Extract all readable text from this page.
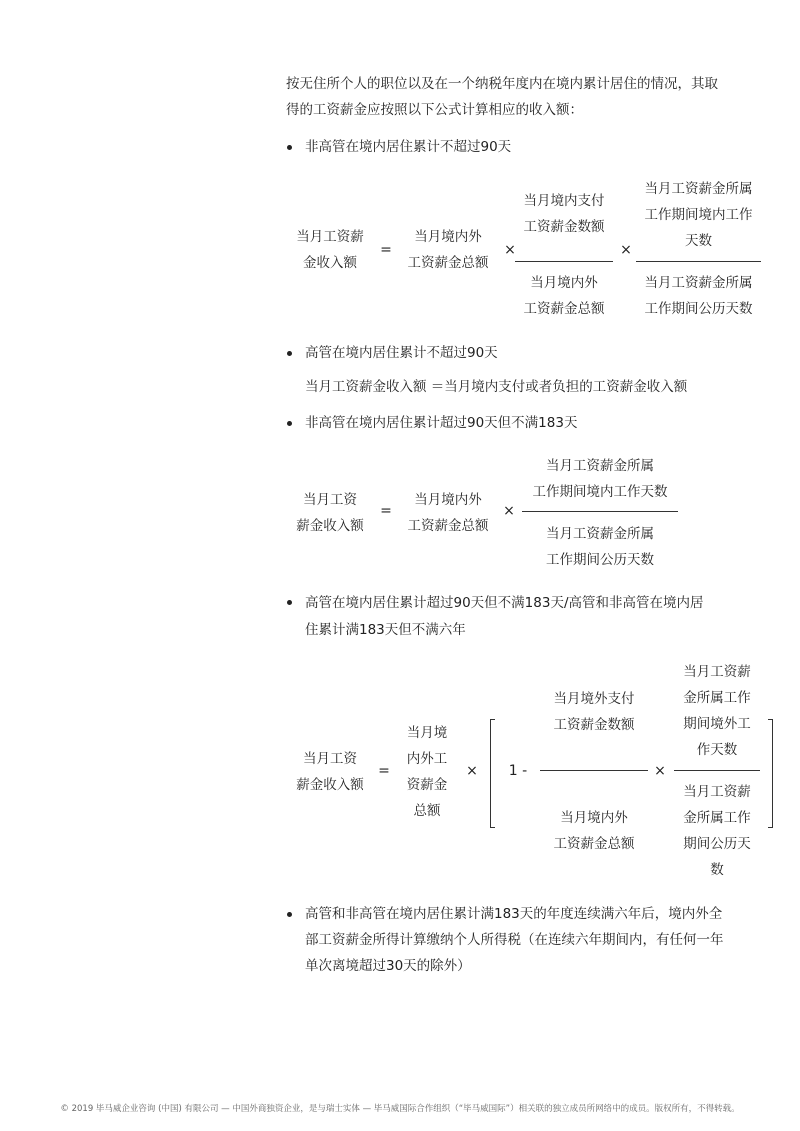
按无住所个人的职位以及在一个纳税年度内在境内累计居住的情况，其取
得的工资薪金应按照以下公式计算相应的收入额：
非高管在境内居住累计不超过90天
当月工资薪
金收入额
=
当月境内外
工资薪金总额
×
当月境内支付
工资薪金数额
当月境内外
工资薪金总额
×
当月工资薪金所属
工作期间境内工作
天数
当月工资薪金所属
工作期间公历天数
高管在境内居住累计不超过90天
当月工资薪金收入额 ＝当月境内支付或者负担的工资薪金收入额
非高管在境内居住累计超过90天但不满183天
当月工资
薪金收入额
=
当月境内外
工资薪金总额
×
当月工资薪金所属
工作期间境内工作天数
当月工资薪金所属
工作期间公历天数
高管在境内居住累计超过90天但不满183天/高管和非高管在境内居
住累计满183天但不满六年
当月工资
薪金收入额
=
当月境
内外工
资薪金
总额
× 1 -
当月境外支付
工资薪金数额
当月境内外
工资薪金总额
×
当月工资薪
金所属工作
期间境外工
作天数
当月工资薪
金所属工作
期间公历天
数
高管和非高管在境内居住累计满183天的年度连续满六年后，境内外全
部工资薪金所得计算缴纳个人所得税（在连续六年期间内，有任何一年
单次离境超过30天的除外）
© 2019 毕马威企业咨询 (中国) 有限公司 — 中国外商独资企业，是与瑞士实体 — 毕马威国际合作组织（“毕马威国际”）相关联的独立成员所网络中的成员。版权所有，不得转载。
